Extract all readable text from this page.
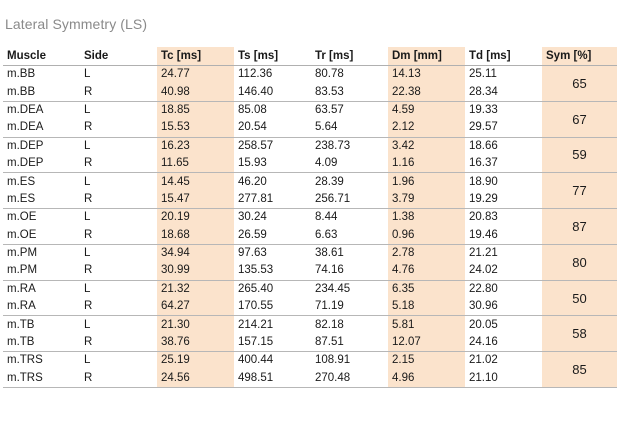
Lateral Symmetry (LS)
Muscle	Side	Tc [ms]	Ts [ms]	Tr [ms]	Dm [mm]	Td [ms]	Sym [%]
m.BB	L	24.77	112.36	80.78	14.13	25.11	65
m.BB	R	40.98	146.40	83.53	22.38	28.34	
m.DEA	L	18.85	85.08	63.57	4.59	19.33	67
m.DEA	R	15.53	20.54	5.64	2.12	29.57	
m.DEP	L	16.23	258.57	238.73	3.42	18.66	59
m.DEP	R	11.65	15.93	4.09	1.16	16.37	
m.ES	L	14.45	46.20	28.39	1.96	18.90	77
m.ES	R	15.47	277.81	256.71	3.79	19.29	
m.OE	L	20.19	30.24	8.44	1.38	20.83	87
m.OE	R	18.68	26.59	6.63	0.96	19.46	
m.PM	L	34.94	97.63	38.61	2.78	21.21	80
m.PM	R	30.99	135.53	74.16	4.76	24.02	
m.RA	L	21.32	265.40	234.45	6.35	22.80	50
m.RA	R	64.27	170.55	71.19	5.18	30.96	
m.TB	L	21.30	214.21	82.18	5.81	20.05	58
m.TB	R	38.76	157.15	87.51	12.07	24.16	
m.TRS	L	25.19	400.44	108.91	2.15	21.02	85
m.TRS	R	24.56	498.51	270.48	4.96	21.10	
